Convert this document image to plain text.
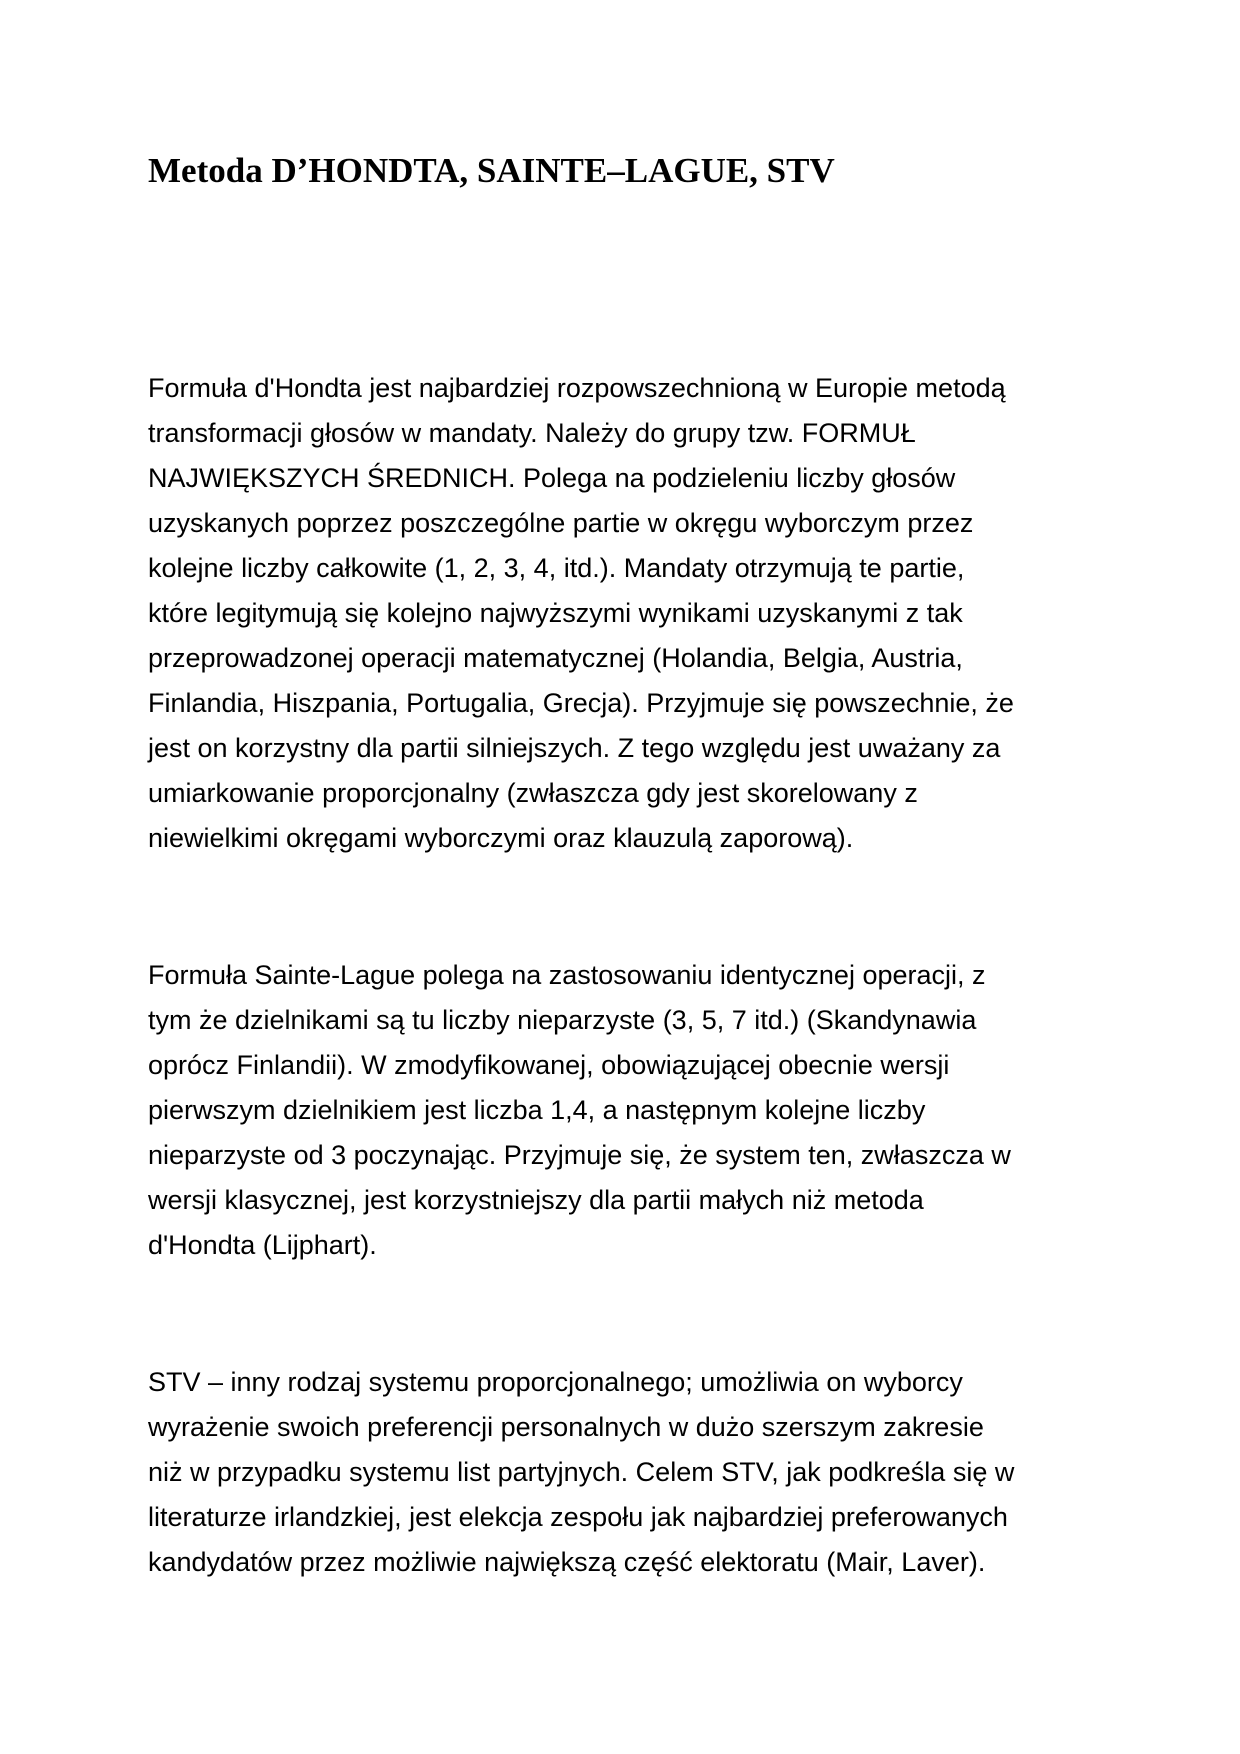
Metoda D’HONDTA, SAINTE–LAGUE, STV

Formuła d'Hondta jest najbardziej rozpowszechnioną w Europie metodą
transformacji głosów w mandaty. Należy do grupy tzw. FORMUŁ
NAJWIĘKSZYCH ŚREDNICH. Polega na podzieleniu liczby głosów
uzyskanych poprzez poszczególne partie w okręgu wyborczym przez
kolejne liczby całkowite (1, 2, 3, 4, itd.). Mandaty otrzymują te partie,
które legitymują się kolejno najwyższymi wynikami uzyskanymi z tak
przeprowadzonej operacji matematycznej (Holandia, Belgia, Austria,
Finlandia, Hiszpania, Portugalia, Grecja). Przyjmuje się powszechnie, że
jest on korzystny dla partii silniejszych. Z tego względu jest uważany za
umiarkowanie proporcjonalny (zwłaszcza gdy jest skorelowany z
niewielkimi okręgami wyborczymi oraz klauzulą zaporową).

Formuła Sainte-Lague polega na zastosowaniu identycznej operacji, z
tym że dzielnikami są tu liczby nieparzyste (3, 5, 7 itd.) (Skandynawia
oprócz Finlandii). W zmodyfikowanej, obowiązującej obecnie wersji
pierwszym dzielnikiem jest liczba 1,4, a następnym kolejne liczby
nieparzyste od 3 poczynając. Przyjmuje się, że system ten, zwłaszcza w
wersji klasycznej, jest korzystniejszy dla partii małych niż metoda
d'Hondta (Lijphart).

STV – inny rodzaj systemu proporcjonalnego; umożliwia on wyborcy
wyrażenie swoich preferencji personalnych w dużo szerszym zakresie
niż w przypadku systemu list partyjnych. Celem STV, jak podkreśla się w
literaturze irlandzkiej, jest elekcja zespołu jak najbardziej preferowanych
kandydatów przez możliwie największą część elektoratu (Mair, Laver).
